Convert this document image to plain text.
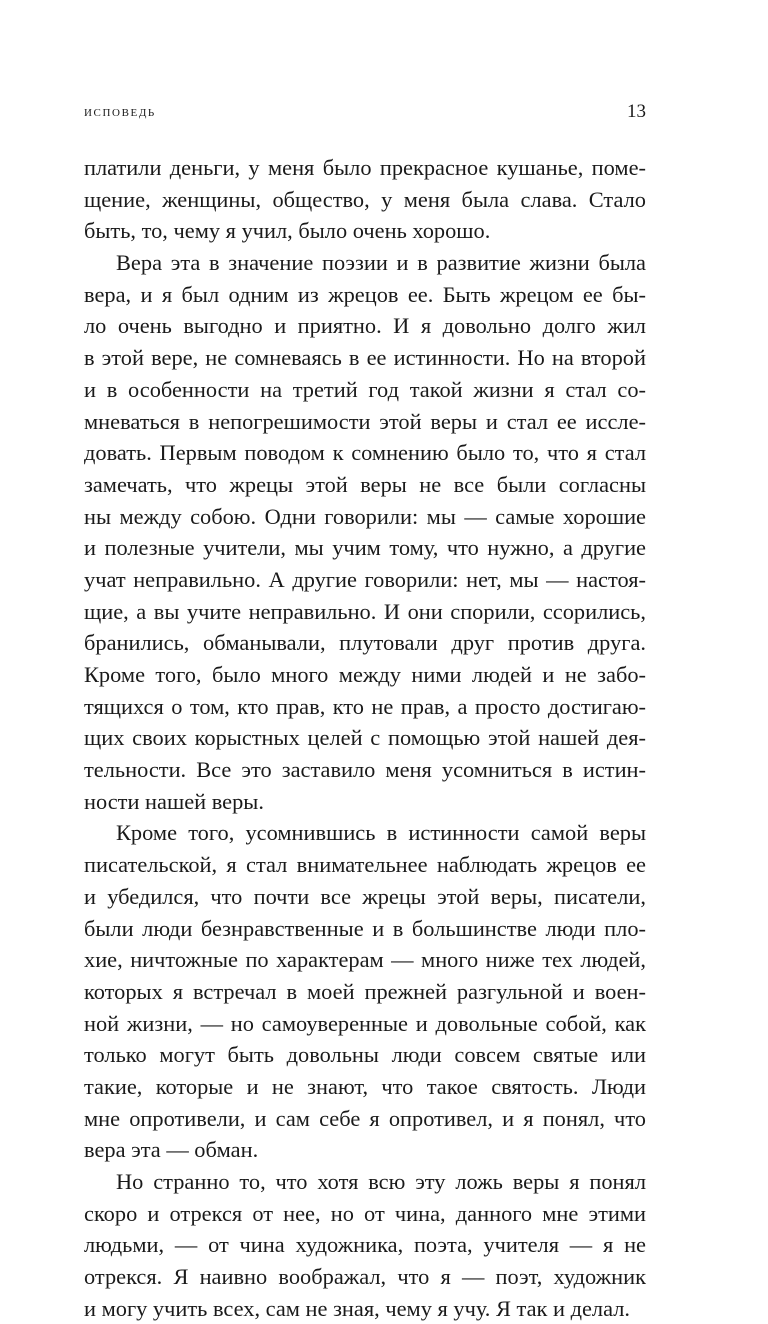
исповедь	13
платили деньги, у меня было прекрасное кушанье, поме-
щение, женщины, общество, у меня была слава. Стало
быть, то, чему я учил, было очень хорошо.
Вера эта в значение поэзии и в развитие жизни была
вера, и я был одним из жрецов ее. Быть жрецом ее бы-
ло очень выгодно и приятно. И я довольно долго жил
в этой вере, не сомневаясь в ее истинности. Но на второй
и в особенности на третий год такой жизни я стал со-
мневаться в непогрешимости этой веры и стал ее иссле-
довать. Первым поводом к сомнению было то, что я стал
замечать, что жрецы этой веры не все были согласны
ны между собою. Одни говорили: мы — самые хорошие
и полезные учители, мы учим тому, что нужно, а другие
учат неправильно. А другие говорили: нет, мы — настоя-
щие, а вы учите неправильно. И они спорили, ссорились,
бранились, обманывали, плутовали друг против друга.
Кроме того, было много между ними людей и не забо-
тящихся о том, кто прав, кто не прав, а просто достигаю-
щих своих корыстных целей с помощью этой нашей дея-
тельности. Все это заставило меня усомниться в истин-
ности нашей веры.
Кроме того, усомнившись в истинности самой веры
писательской, я стал внимательнее наблюдать жрецов ее
и убедился, что почти все жрецы этой веры, писатели,
были люди безнравственные и в большинстве люди пло-
хие, ничтожные по характерам — много ниже тех людей,
которых я встречал в моей прежней разгульной и воен-
ной жизни, — но самоуверенные и довольные собой, как
только могут быть довольны люди совсем святые или
такие, которые и не знают, что такое святость. Люди
мне опротивели, и сам себе я опротивел, и я понял, что
вера эта — обман.
Но странно то, что хотя всю эту ложь веры я понял
скоро и отрекся от нее, но от чина, данного мне этими
людьми, — от чина художника, поэта, учителя — я не
отрекся. Я наивно воображал, что я — поэт, художник
и могу учить всех, сам не зная, чему я учу. Я так и делал.
